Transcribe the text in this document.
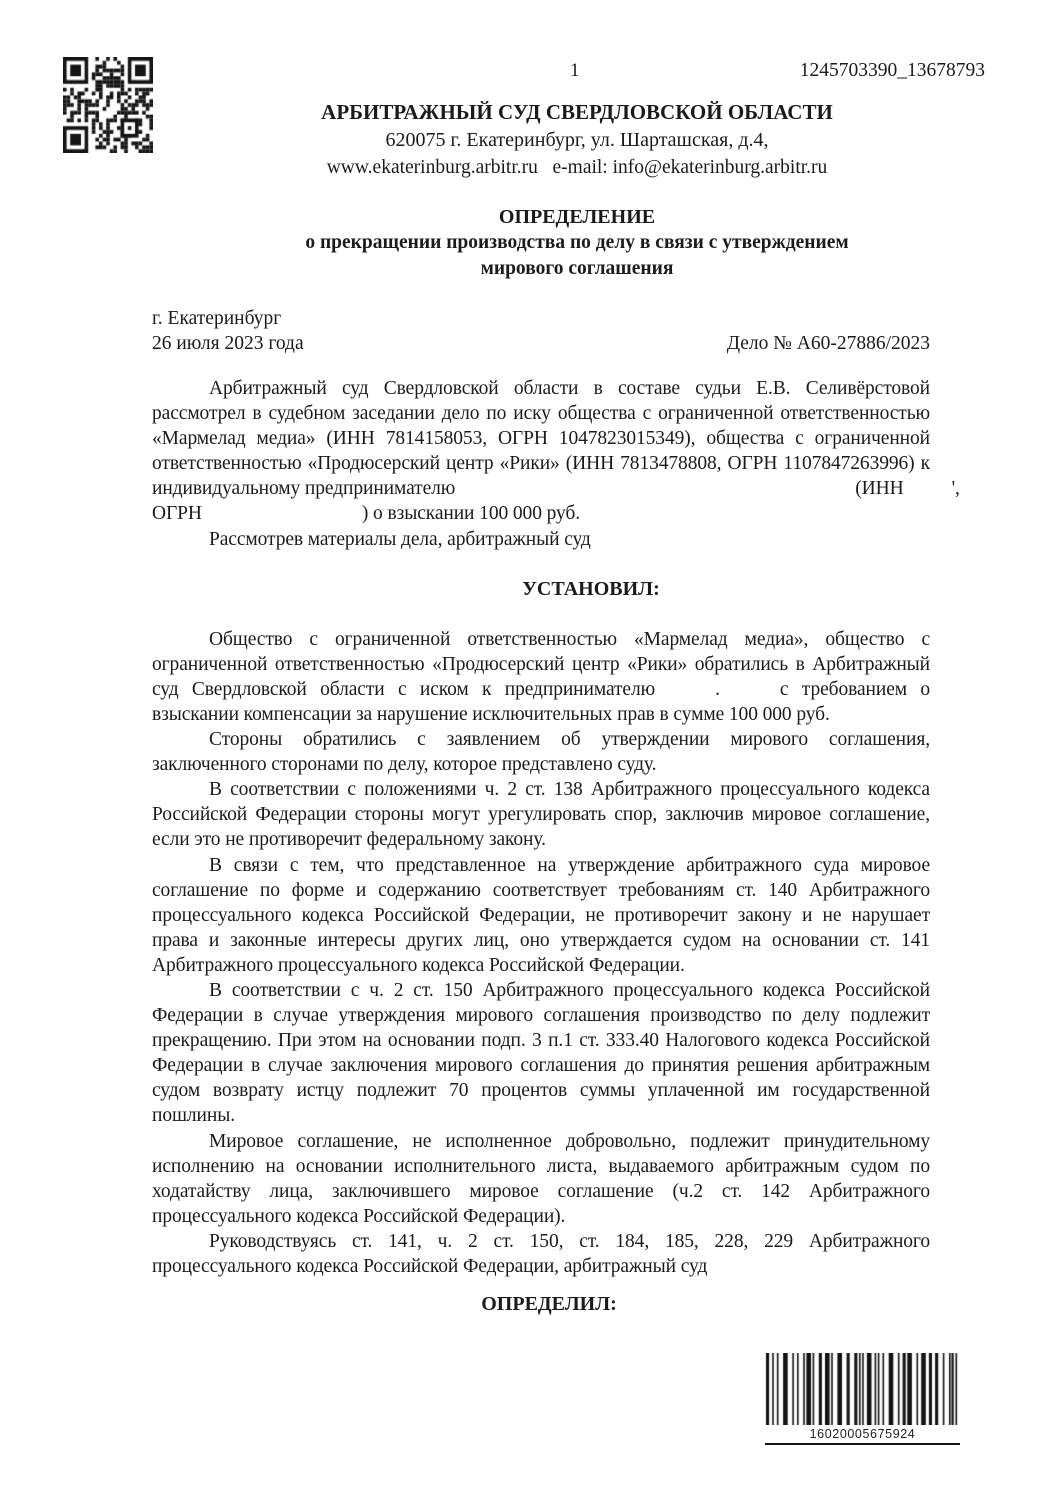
1	1245703390_13678793
АРБИТРАЖНЫЙ СУД СВЕРДЛОВСКОЙ ОБЛАСТИ
620075 г. Екатеринбург, ул. Шарташская, д.4,
www.ekaterinburg.arbitr.ru   e-mail: info@ekaterinburg.arbitr.ru
ОПРЕДЕЛЕНИЕ
о прекращении производства по делу в связи с утверждением
мирового соглашения
г. Екатеринбург
26 июля 2023 года	Дело № А60-27886/2023
Арбитражный суд Свердловской области в составе судьи Е.В. Селивёрстовой
рассмотрел в судебном заседании дело по иску общества с ограниченной ответственностью
«Мармелад медиа» (ИНН 7814158053, ОГРН 1047823015349), общества с ограниченной
ответственностью «Продюсерский центр «Рики» (ИНН 7813478808, ОГРН 1107847263996) к
индивидуальному предпринимателю	(ИНН ',
ОГРН	) о взыскании 100 000 руб.
Рассмотрев материалы дела, арбитражный суд
УСТАНОВИЛ:
Общество с ограниченной ответственностью «Мармелад медиа», общество с
ограниченной ответственностью «Продюсерский центр «Рики» обратились в Арбитражный
суд Свердловской области с иском к предпринимателю	.	с требованием о
взыскании компенсации за нарушение исключительных прав в сумме 100 000 руб.
Стороны обратились с заявлением об утверждении мирового соглашения,
заключенного сторонами по делу, которое представлено суду.
В соответствии с положениями ч. 2 ст. 138 Арбитражного процессуального кодекса
Российской Федерации стороны могут урегулировать спор, заключив мировое соглашение,
если это не противоречит федеральному закону.
В связи с тем, что представленное на утверждение арбитражного суда мировое
соглашение по форме и содержанию соответствует требованиям ст. 140 Арбитражного
процессуального кодекса Российской Федерации, не противоречит закону и не нарушает
права и законные интересы других лиц, оно утверждается судом на основании ст. 141
Арбитражного процессуального кодекса Российской Федерации.
В соответствии с ч. 2 ст. 150 Арбитражного процессуального кодекса Российской
Федерации в случае утверждения мирового соглашения производство по делу подлежит
прекращению. При этом на основании подп. 3 п.1 ст. 333.40 Налогового кодекса Российской
Федерации в случае заключения мирового соглашения до принятия решения арбитражным
судом возврату истцу подлежит 70 процентов суммы уплаченной им государственной
пошлины.
Мировое соглашение, не исполненное добровольно, подлежит принудительному
исполнению на основании исполнительного листа, выдаваемого арбитражным судом по
ходатайству лица, заключившего мировое соглашение (ч.2 ст. 142 Арбитражного
процессуального кодекса Российской Федерации).
Руководствуясь ст. 141, ч. 2 ст. 150, ст. 184, 185, 228, 229 Арбитражного
процессуального кодекса Российской Федерации, арбитражный суд
ОПРЕДЕЛИЛ:
16020005675924
